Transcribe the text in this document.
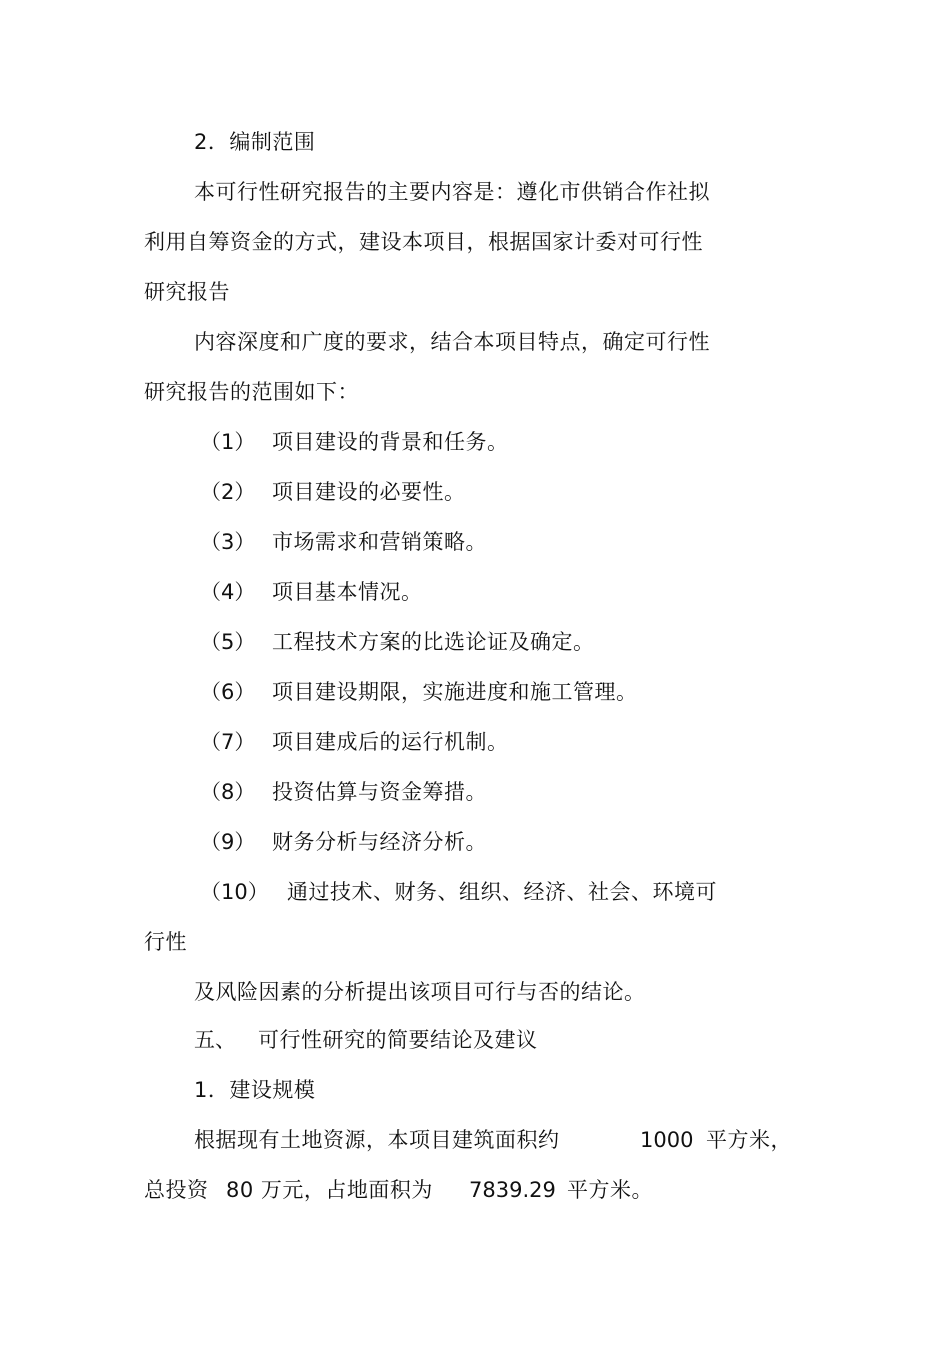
2．编制范围
本可行性研究报告的主要内容是：遵化市供销合作社拟
利用自筹资金的方式，建设本项目，根据国家计委对可行性
研究报告
内容深度和广度的要求，结合本项目特点，确定可行性
研究报告的范围如下：
（1） 项目建设的背景和任务。
（2） 项目建设的必要性。
（3） 市场需求和营销策略。
（4） 项目基本情况。
（5） 工程技术方案的比选论证及确定。
（6） 项目建设期限，实施进度和施工管理。
（7） 项目建成后的运行机制。
（8） 投资估算与资金筹措。
（9） 财务分析与经济分析。
（10） 通过技术、财务、组织、经济、社会、环境可
行性
及风险因素的分析提出该项目可行与否的结论。
五、 可行性研究的简要结论及建议
1．建设规模
根据现有土地资源，本项目建筑面积约	1000 平方米，
总投资 80 万元，占地面积为 7839.29 平方米。
